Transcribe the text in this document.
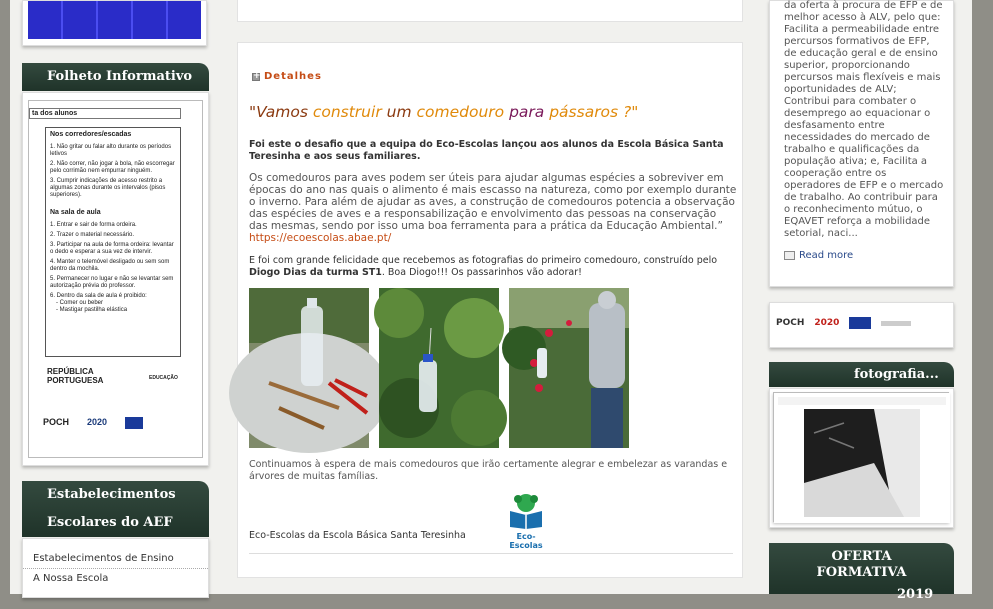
Folheto Informativo
ta dos alunos
Nos corredores/escadas

1. Não gritar ou falar alto durante os períodos letivos

2. Não correr, não jogar à bola, não escorregar pelo corrimão nem empurrar ninguém.

3. Cumprir indicações de acesso restrito a algumas zonas durante os intervalos (pisos superiores).

Na sala de aula

1. Entrar e sair de forma ordeira.

2. Trazer o material necessário.

3. Participar na aula de forma ordeira: levantar o dedo e esperar a sua vez de intervir.

4. Manter o telemóvel desligado ou sem som dentro da mochila.

5. Permanecer no lugar e não se levantar sem autorização prévia do professor.

6. Dentro da sala de aula é proibido:

- Comer ou beber

- Mastigar pastilha elástica

REPÚBLICA
PORTUGUESA	EDUCAÇÃO
POCH 2020
Estabelecimentos
Escolares do AEF
Estabelecimentos de Ensino
A Nossa Escola
+
Detalhes
"Vamos construir um comedouro para pássaros ?"
Foi este o desafio que a equipa do Eco-Escolas lançou aos alunos da Escola Básica Santa Teresinha e aos seus familiares.
Os comedouros para aves podem ser úteis para ajudar algumas espécies a sobreviver em épocas do ano nas quais o alimento é mais escasso na natureza, como por exemplo durante o inverno. Para além de ajudar as aves, a construção de comedouros potencia a observação das espécies de aves e a responsabilização e envolvimento das pessoas na conservação das mesmas, sendo por isso uma boa ferramenta para a prática da Educação Ambiental.” https://ecoescolas.abae.pt/
E foi com grande felicidade que recebemos as fotografias do primeiro comedouro, construído pelo Diogo Dias da turma ST1. Boa Diogo!!! Os passarinhos vão adorar!
Continuamos à espera de mais comedouros que irão certamente alegrar e embelezar as varandas e árvores de muitas famílias.
Eco-Escolas da Escola Básica Santa Teresinha	Eco-Escolas
da oferta à procura de EFP e de melhor acesso à ALV, pelo que: Facilita a permeabilidade entre percursos formativos de EFP, de educação geral e de ensino superior, proporcionando percursos mais flexíveis e mais oportunidades de ALV; Contribui para combater o desemprego ao equacionar o desfasamento entre necessidades do mercado de trabalho e qualificações da população ativa; e, Facilita a cooperação entre os operadores de EFP e o mercado de trabalho. Ao contribuir para o reconhecimento mútuo, o EQAVET reforça a mobilidade setorial, naci...
Read more
POCH 2020
fotografia...
OFERTA FORMATIVA
2019
